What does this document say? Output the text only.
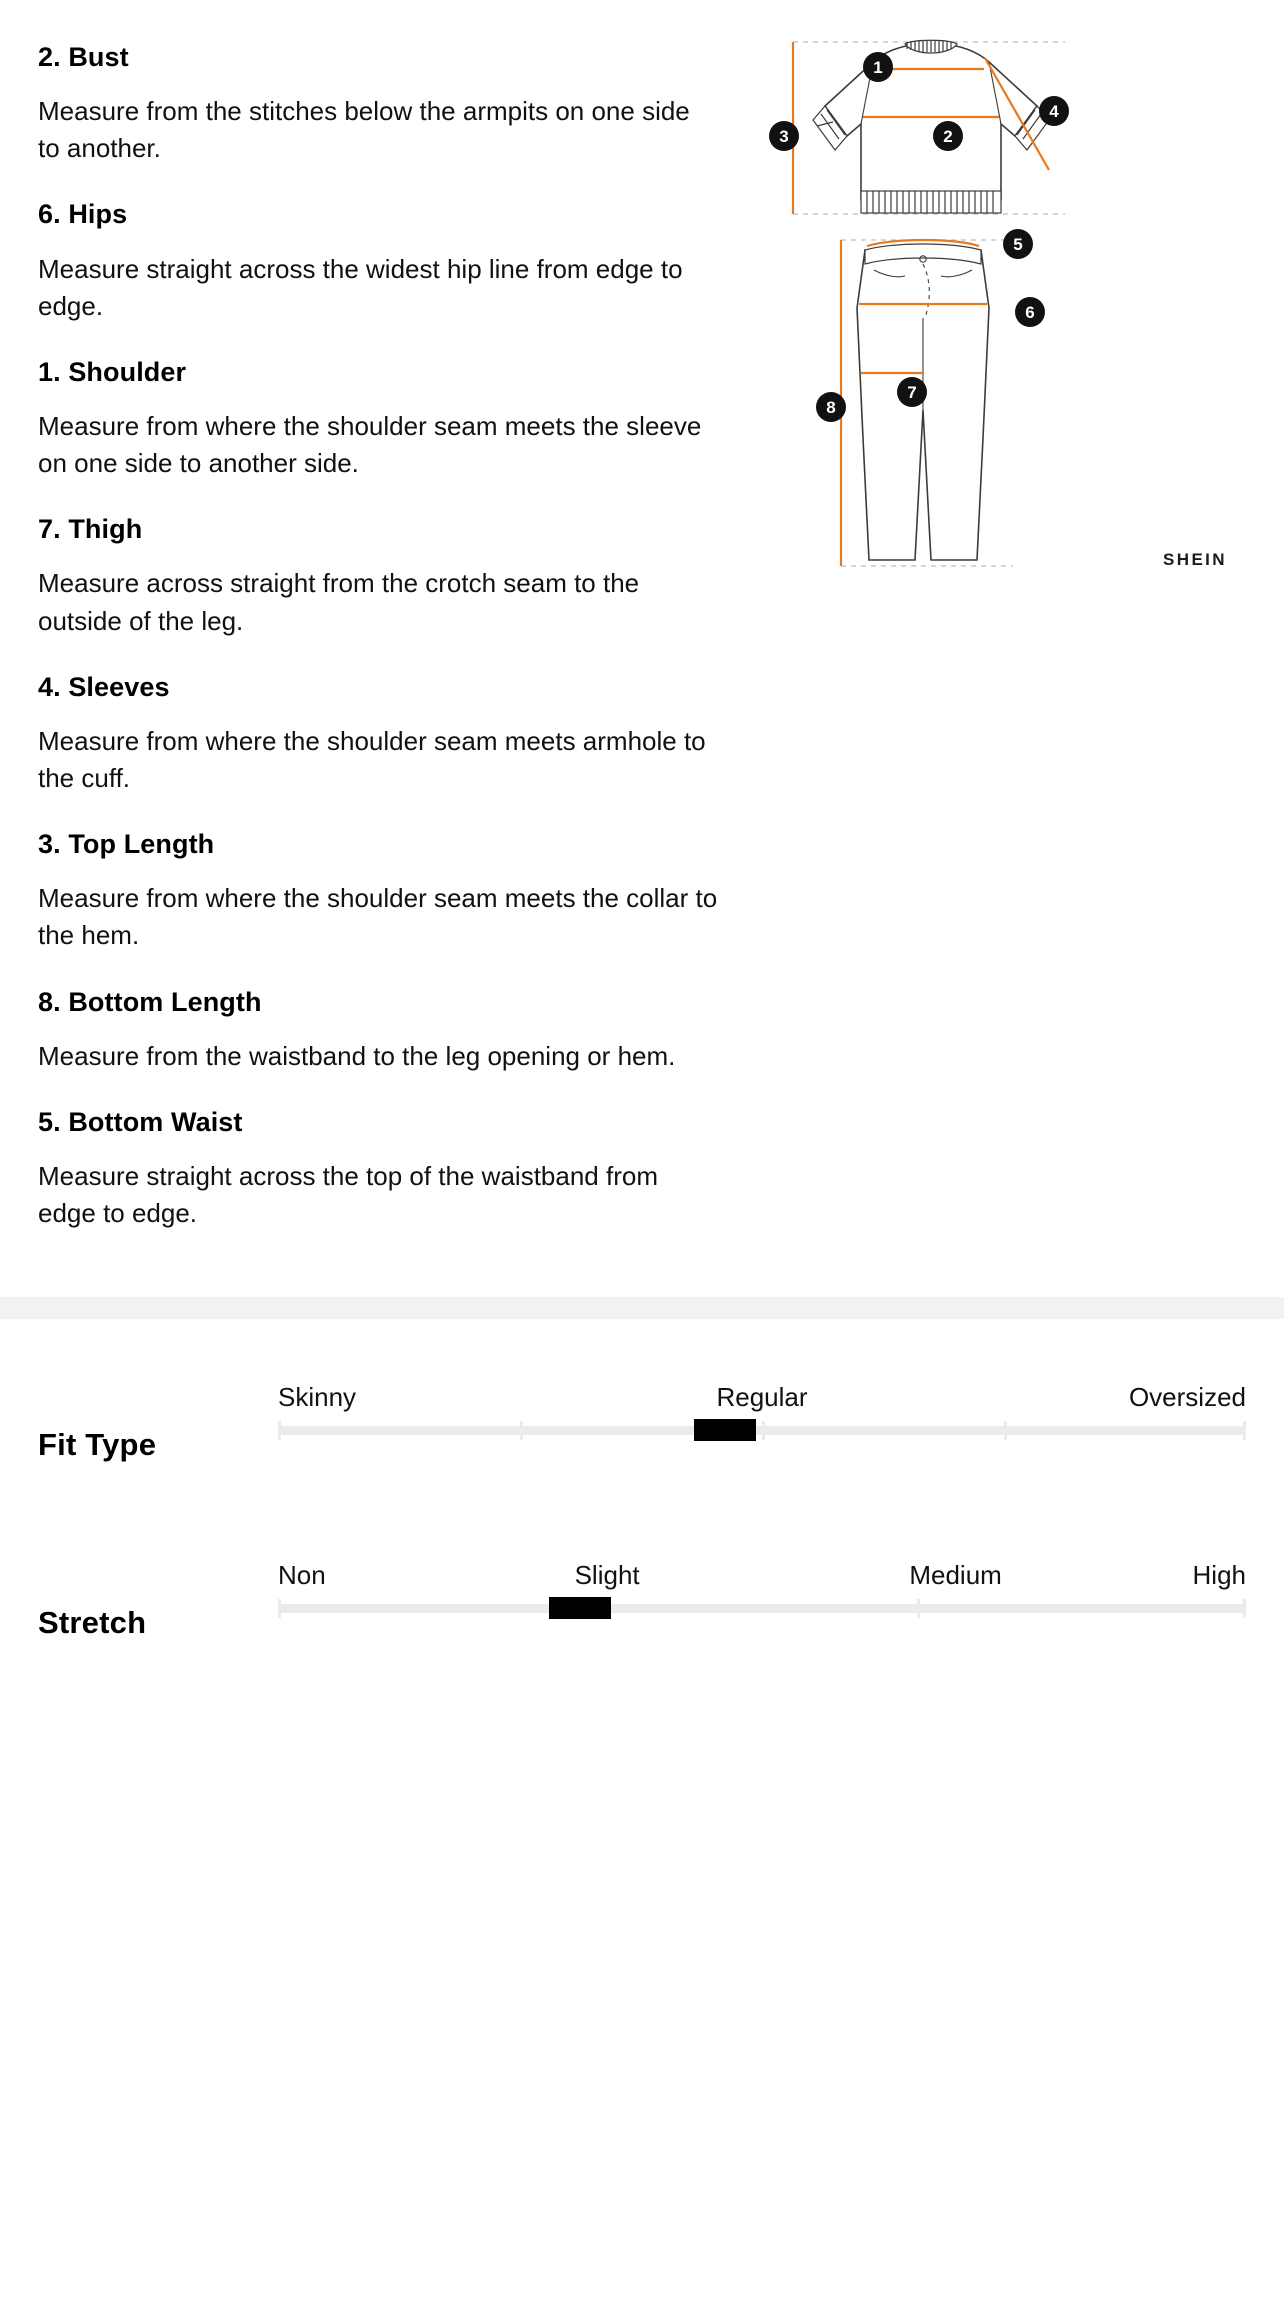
2. Bust

Measure from the stitches below the armpits on one side to another.

6. Hips

Measure straight across the widest hip line from edge to edge.

1. Shoulder

Measure from where the shoulder seam meets the sleeve on one side to another side.

7. Thigh

Measure across straight from the crotch seam to the outside of the leg.

4. Sleeves

Measure from where the shoulder seam meets armhole to the cuff.

3. Top Length

Measure from where the shoulder seam meets the collar to the hem.

8. Bottom Length

Measure from the waistband to the leg opening or hem.

5. Bottom Waist

Measure straight across the top of the waistband from edge to edge.

1
2
3
4
5
6
7
8
SHEIN
Fit Type
Skinny	Regular	Oversized
Stretch
Non	Slight	Medium	High
